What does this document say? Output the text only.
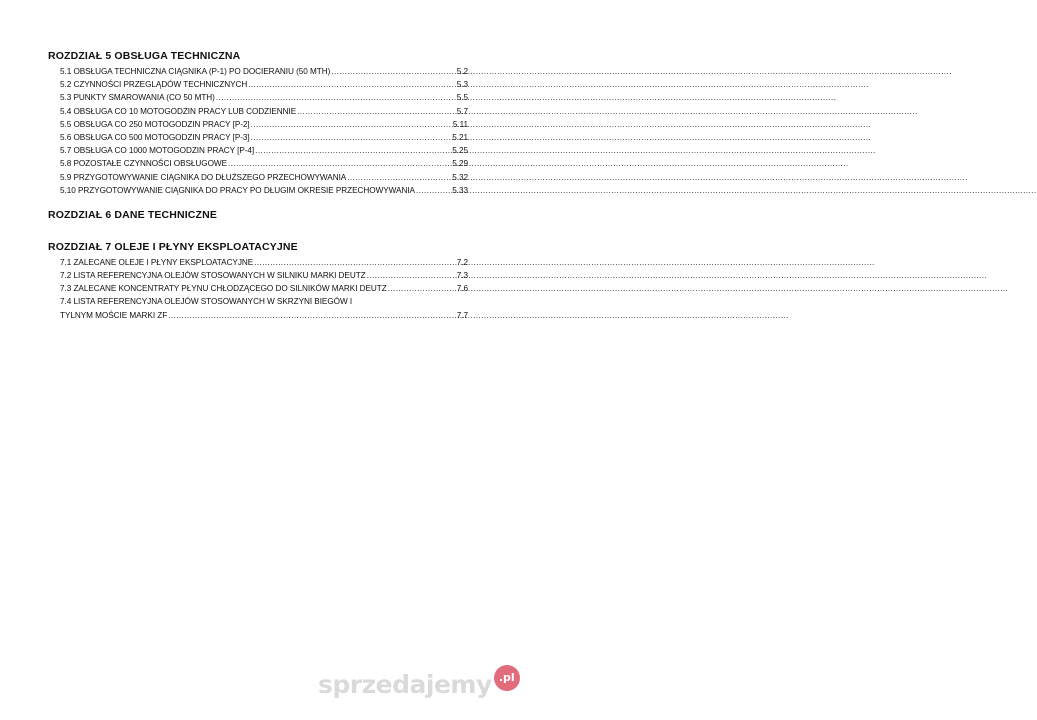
ROZDZIAŁ 5 OBSŁUGA TECHNICZNA
5.1 OBSŁUGA TECHNICZNA CIĄGNIKA (P-1) PO DOCIERANIU (50 MTH) .....	5.2
5.2 CZYNNOŚCI PRZEGLĄDÓW TECHNICZNYCH .....	5.3
5.3 PUNKTY SMAROWANIA (CO 50 MTH) .....	5.5
5.4 OBSŁUGA CO 10 MOTOGODZIN PRACY LUB CODZIENNIE .....	5.7
5.5 OBSŁUGA CO 250 MOTOGODZIN PRACY [P-2] .....	5.11
5.6 OBSŁUGA CO 500 MOTOGODZIN PRACY [P-3] .....	5.21
5.7 OBSŁUGA CO 1000 MOTOGODZIN PRACY [P-4] .....	5.25
5.8 POZOSTAŁE CZYNNOŚCI OBSŁUGOWE .....	5.29
5.9 PRZYGOTOWYWANIE CIĄGNIKA DO DŁUŻSZEGO PRZECHOWYWANIA .....	5.32
5.10 PRZYGOTOWYWANIE CIĄGNIKA DO PRACY PO DŁUGIM OKRESIE PRZECHOWYWANIA .....	5.33
ROZDZIAŁ 6 DANE TECHNICZNE
ROZDZIAŁ 7 OLEJE I PŁYNY EKSPLOATACYJNE
7.1 ZALECANE OLEJE I PŁYNY EKSPLOATACYJNE .....	7.2
7.2 LISTA REFERENCYJNA OLEJÓW STOSOWANYCH W SILNIKU MARKI DEUTZ .....	7.3
7.3 ZALECANE KONCENTRATY PŁYNU CHŁODZĄCEGO DO SILNIKÓW MARKI DEUTZ .....	7.6
7.4 LISTA REFERENCYJNA OLEJÓW STOSOWANYCH W SKRZYNI BIEGÓW I
TYLNYM MOŚCIE MARKI ZF .....	7.7
sprzedajemy .pl
